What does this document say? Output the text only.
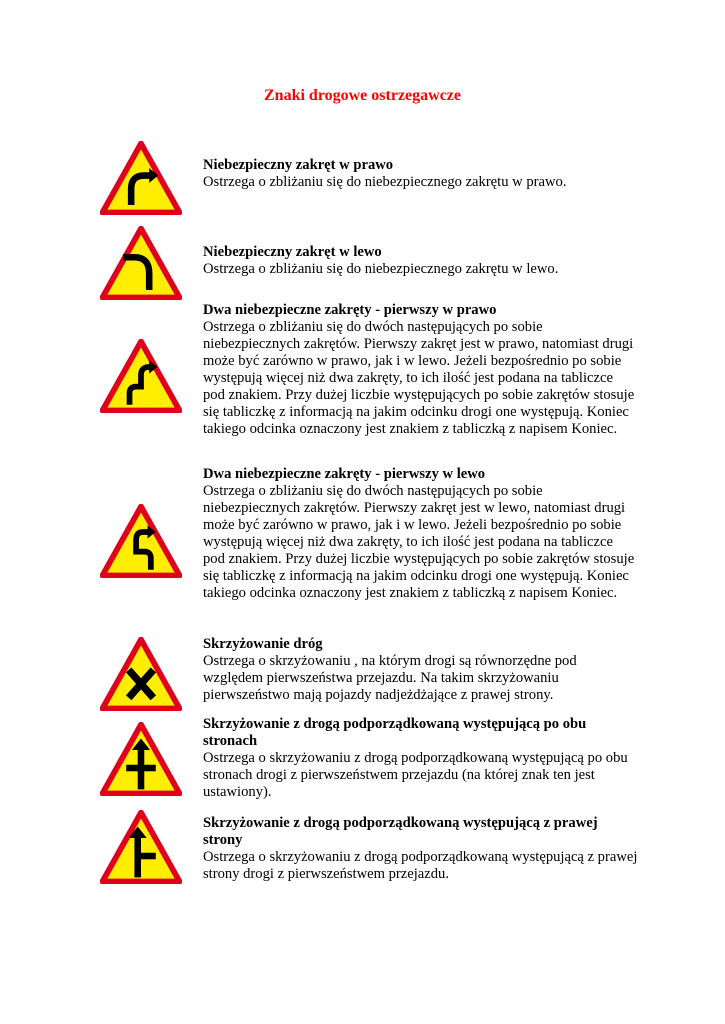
Znaki drogowe ostrzegawcze
Niebezpieczny zakręt w prawo
Ostrzega o zbliżaniu się do niebezpiecznego zakrętu w prawo.
Niebezpieczny zakręt w lewo
Ostrzega o zbliżaniu się do niebezpiecznego zakrętu w lewo.
Dwa niebezpieczne zakręty - pierwszy w prawo
Ostrzega o zbliżaniu się do dwóch następujących po sobie niebezpiecznych zakrętów. Pierwszy zakręt jest w prawo, natomiast drugi może być zarówno w prawo, jak i w lewo. Jeżeli bezpośrednio po sobie występują więcej niż dwa zakręty, to ich ilość jest podana na tabliczce pod znakiem. Przy dużej liczbie występujących po sobie zakrętów stosuje się tabliczkę z informacją na jakim odcinku drogi one występują. Koniec takiego odcinka oznaczony jest znakiem z tabliczką z napisem Koniec.
Dwa niebezpieczne zakręty - pierwszy w lewo
Ostrzega o zbliżaniu się do dwóch następujących po sobie niebezpiecznych zakrętów. Pierwszy zakręt jest w lewo, natomiast drugi może być zarówno w prawo, jak i w lewo. Jeżeli bezpośrednio po sobie występują więcej niż dwa zakręty, to ich ilość jest podana na tabliczce pod znakiem. Przy dużej liczbie występujących po sobie zakrętów stosuje się tabliczkę z informacją na jakim odcinku drogi one występują. Koniec takiego odcinka oznaczony jest znakiem z tabliczką z napisem Koniec.
Skrzyżowanie dróg
Ostrzega o skrzyżowaniu , na którym drogi są równorzędne pod względem pierwszeństwa przejazdu. Na takim skrzyżowaniu pierwszeństwo mają pojazdy nadjeżdżające z prawej strony.
Skrzyżowanie z drogą podporządkowaną występującą po obu stronach
Ostrzega o skrzyżowaniu z drogą podporządkowaną występującą po obu stronach drogi z pierwszeństwem przejazdu (na której znak ten jest ustawiony).
Skrzyżowanie z drogą podporządkowaną występującą z prawej strony
Ostrzega o skrzyżowaniu z drogą podporządkowaną występującą z prawej strony drogi z pierwszeństwem przejazdu.
